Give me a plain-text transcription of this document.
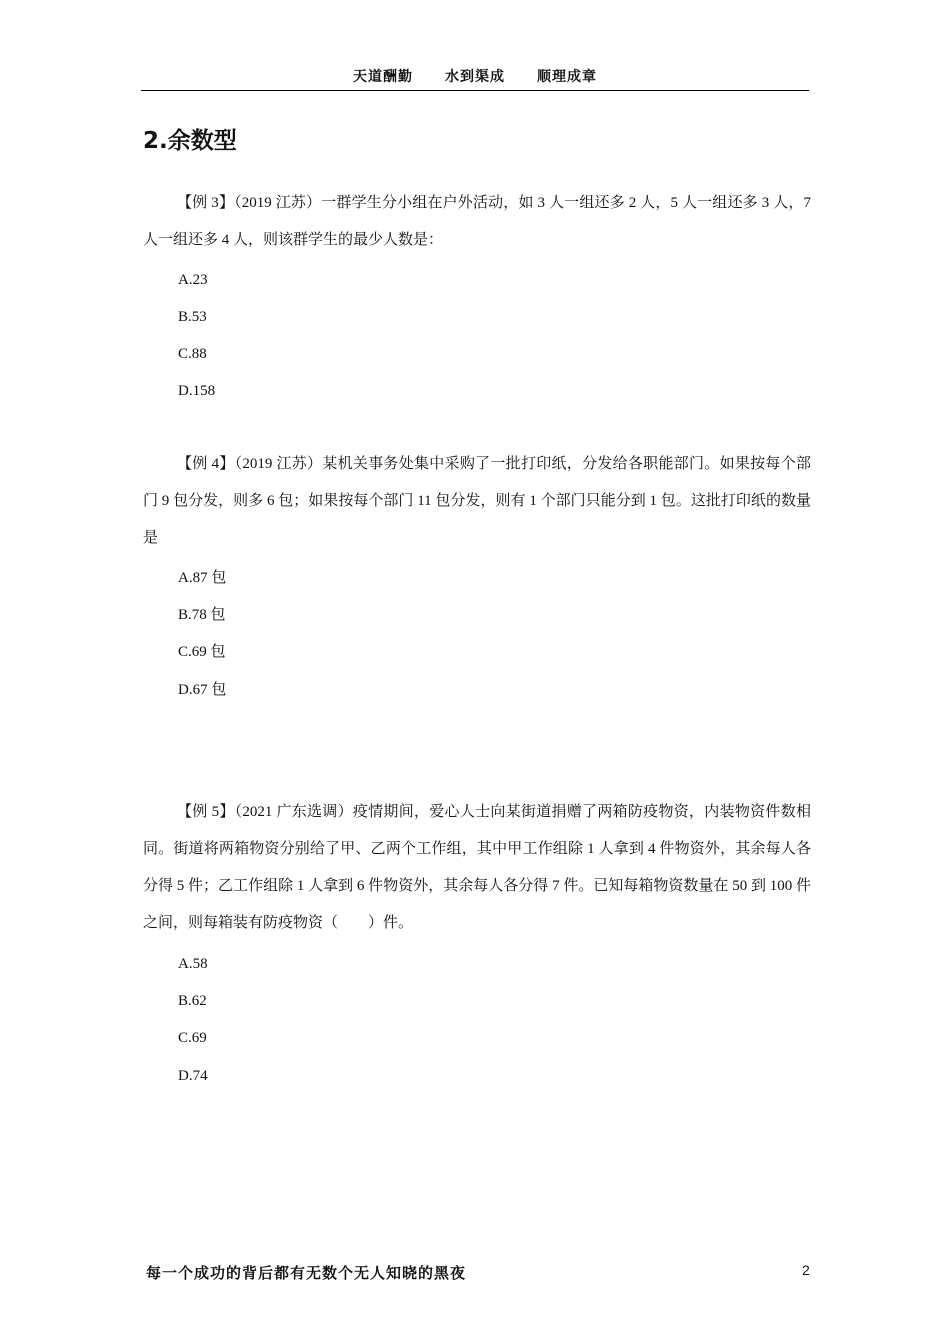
天道酬勤 水到渠成 顺理成章
2.余数型

【例 3】（2019 江苏）一群学生分小组在户外活动，如 3 人一组还多 2 人，5 人一组还多 3 人，7 人一组还多 4 人，则该群学生的最少人数是：

A.23
B.53
C.88
D.158

【例 4】（2019 江苏）某机关事务处集中采购了一批打印纸，分发给各职能部门。如果按每个部门 9 包分发，则多 6 包；如果按每个部门 11 包分发，则有 1 个部门只能分到 1 包。这批打印纸的数量是

A.87 包
B.78 包
C.69 包
D.67 包

【例 5】（2021 广东选调）疫情期间，爱心人士向某街道捐赠了两箱防疫物资，内装物资件数相同。街道将两箱物资分别给了甲、乙两个工作组，其中甲工作组除 1 人拿到 4 件物资外，其余每人各分得 5 件；乙工作组除 1 人拿到 6 件物资外，其余每人各分得 7 件。已知每箱物资数量在 50 到 100 件之间，则每箱装有防疫物资（　　）件。

A.58
B.62
C.69
D.74
每一个成功的背后都有无数个无人知晓的黑夜	2
